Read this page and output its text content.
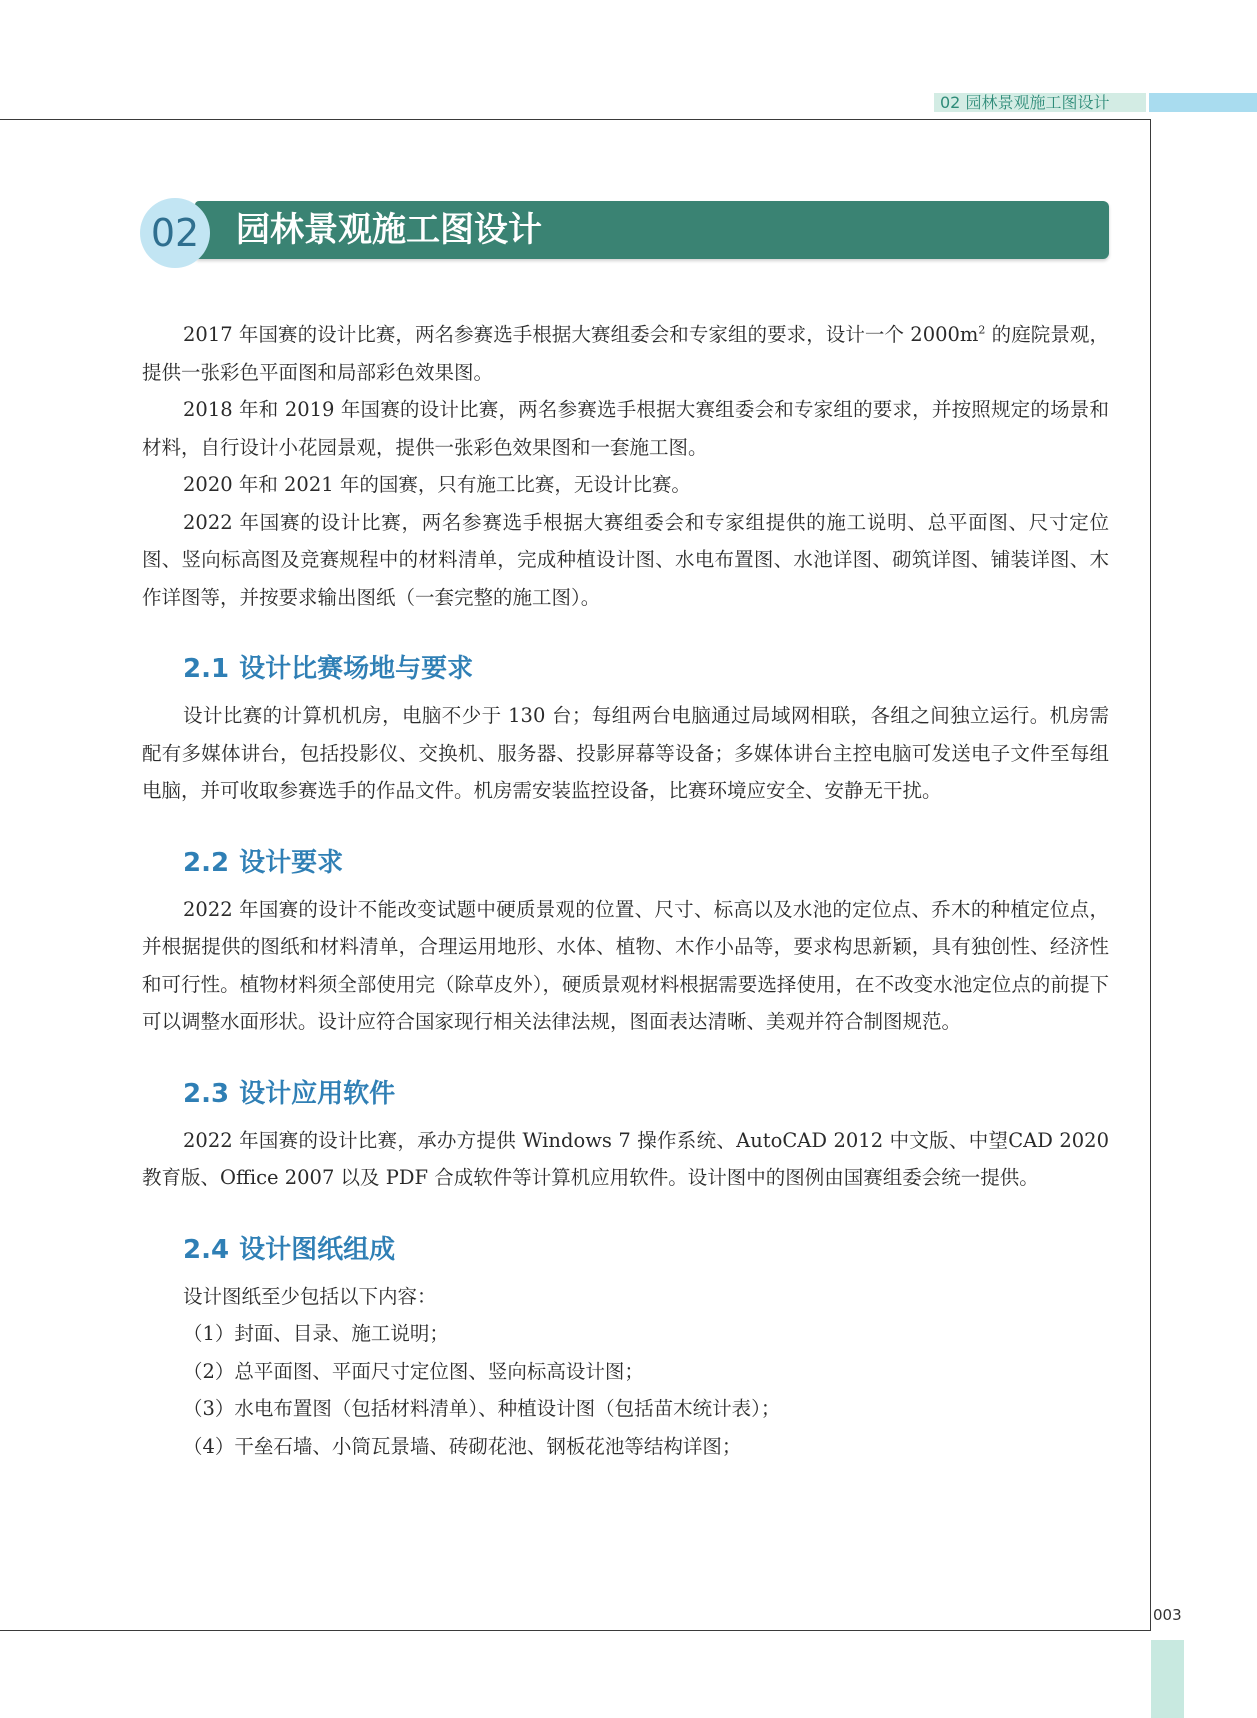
02 园林景观施工图设计
02	园林景观施工图设计

2017 年国赛的设计比赛，两名参赛选手根据大赛组委会和专家组的要求，设计一个 $2000m^2$ 的庭院景观，提供一张彩色平面图和局部彩色效果图。

2018 年和 2019 年国赛的设计比赛，两名参赛选手根据大赛组委会和专家组的要求，并按照规定的场景和材料，自行设计小花园景观，提供一张彩色效果图和一套施工图。

2020 年和 2021 年的国赛，只有施工比赛，无设计比赛。

2022 年国赛的设计比赛，两名参赛选手根据大赛组委会和专家组提供的施工说明、总平面图、尺寸定位图、竖向标高图及竞赛规程中的材料清单，完成种植设计图、水电布置图、水池详图、砌筑详图、铺装详图、木作详图等，并按要求输出图纸（一套完整的施工图）。

2.1 设计比赛场地与要求

设计比赛的计算机机房，电脑不少于 130 台；每组两台电脑通过局域网相联，各组之间独立运行。机房需配有多媒体讲台，包括投影仪、交换机、服务器、投影屏幕等设备；多媒体讲台主控电脑可发送电子文件至每组电脑，并可收取参赛选手的作品文件。机房需安装监控设备，比赛环境应安全、安静无干扰。

2.2 设计要求

2022 年国赛的设计不能改变试题中硬质景观的位置、尺寸、标高以及水池的定位点、乔木的种植定位点，并根据提供的图纸和材料清单，合理运用地形、水体、植物、木作小品等，要求构思新颖，具有独创性、经济性和可行性。植物材料须全部使用完（除草皮外），硬质景观材料根据需要选择使用，在不改变水池定位点的前提下可以调整水面形状。设计应符合国家现行相关法律法规，图面表达清晰、美观并符合制图规范。

2.3 设计应用软件

2022 年国赛的设计比赛，承办方提供 Windows 7 操作系统、AutoCAD 2012 中文版、中望CAD 2020 教育版、Office 2007 以及 PDF 合成软件等计算机应用软件。设计图中的图例由国赛组委会统一提供。

2.4 设计图纸组成

设计图纸至少包括以下内容：

（1）封面、目录、施工说明；

（2）总平面图、平面尺寸定位图、竖向标高设计图；

（3）水电布置图（包括材料清单）、种植设计图（包括苗木统计表）；

（4）干垒石墙、小筒瓦景墙、砖砌花池、钢板花池等结构详图；

003
